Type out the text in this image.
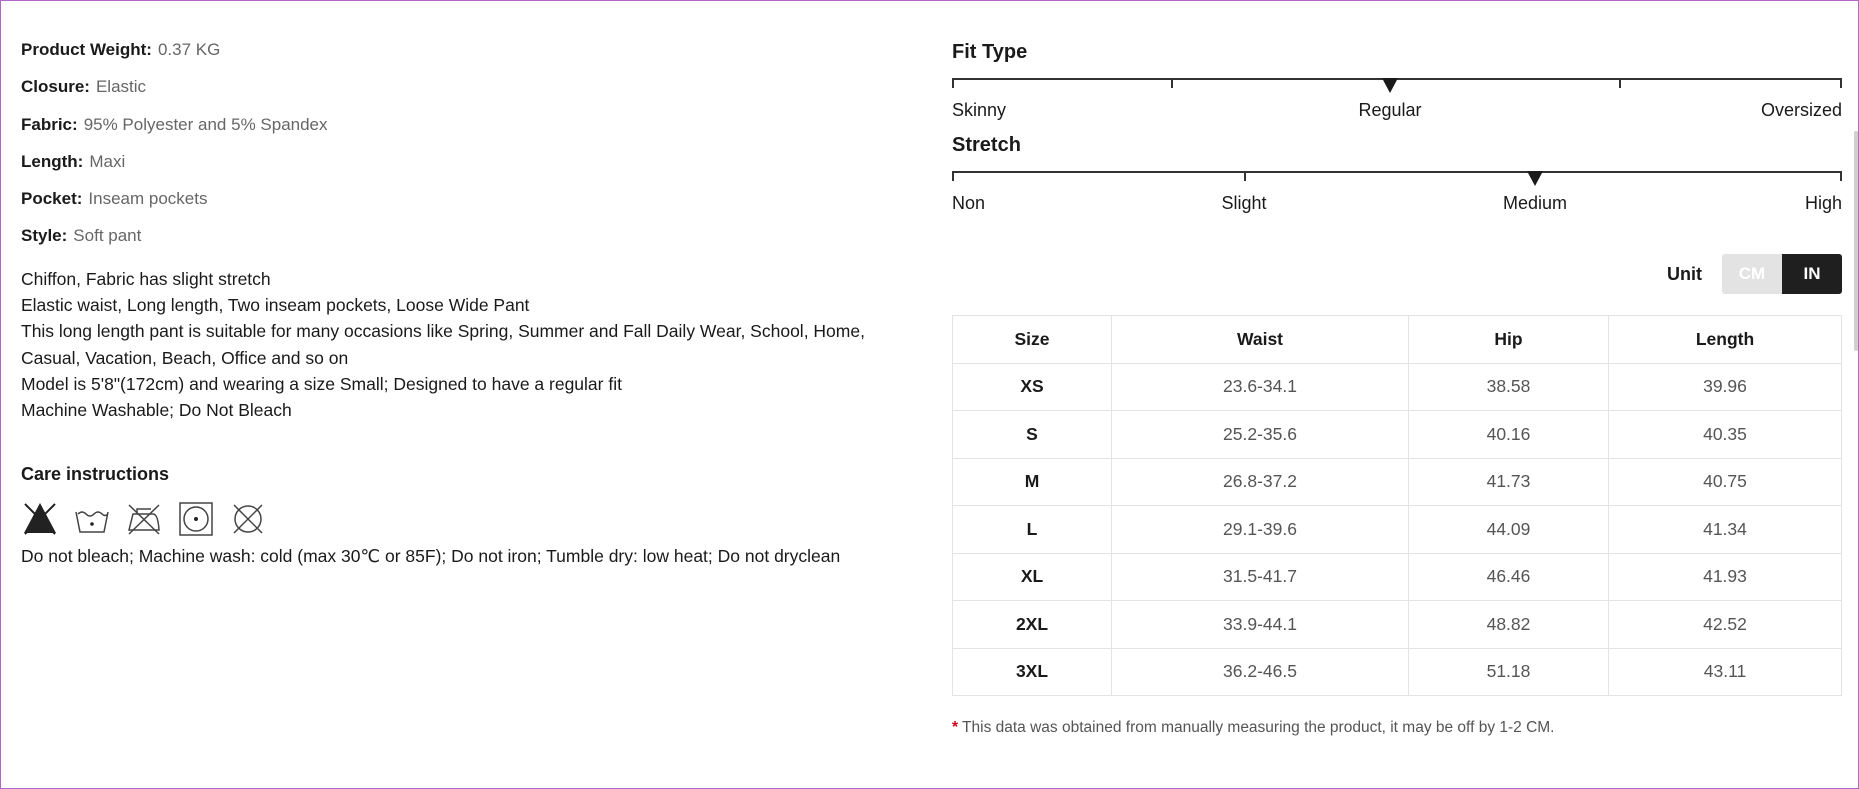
Product Weight: 0.37 KG
Closure: Elastic
Fabric: 95% Polyester and 5% Spandex
Length: Maxi
Pocket: Inseam pockets
Style: Soft pant
Chiffon, Fabric has slight stretch
Elastic waist, Long length, Two inseam pockets, Loose Wide Pant
This long length pant is suitable for many occasions like Spring, Summer and Fall Daily Wear, School, Home, Casual, Vacation, Beach, Office and so on
Model is 5'8"(172cm) and wearing a size Small; Designed to have a regular fit
Machine Washable; Do Not Bleach
Care instructions
Do not bleach; Machine wash: cold (max 30℃ or 85F); Do not iron; Tumble dry: low heat; Do not dryclean
Fit Type
Skinny	Regular	Oversized
Stretch
Non	Slight	Medium	High
Unit	CM	IN
Size	Waist	Hip	Length
XS	23.6-34.1	38.58	39.96
S	25.2-35.6	40.16	40.35
M	26.8-37.2	41.73	40.75
L	29.1-39.6	44.09	41.34
XL	31.5-41.7	46.46	41.93
2XL	33.9-44.1	48.82	42.52
3XL	36.2-46.5	51.18	43.11
* This data was obtained from manually measuring the product, it may be off by 1-2 CM.
